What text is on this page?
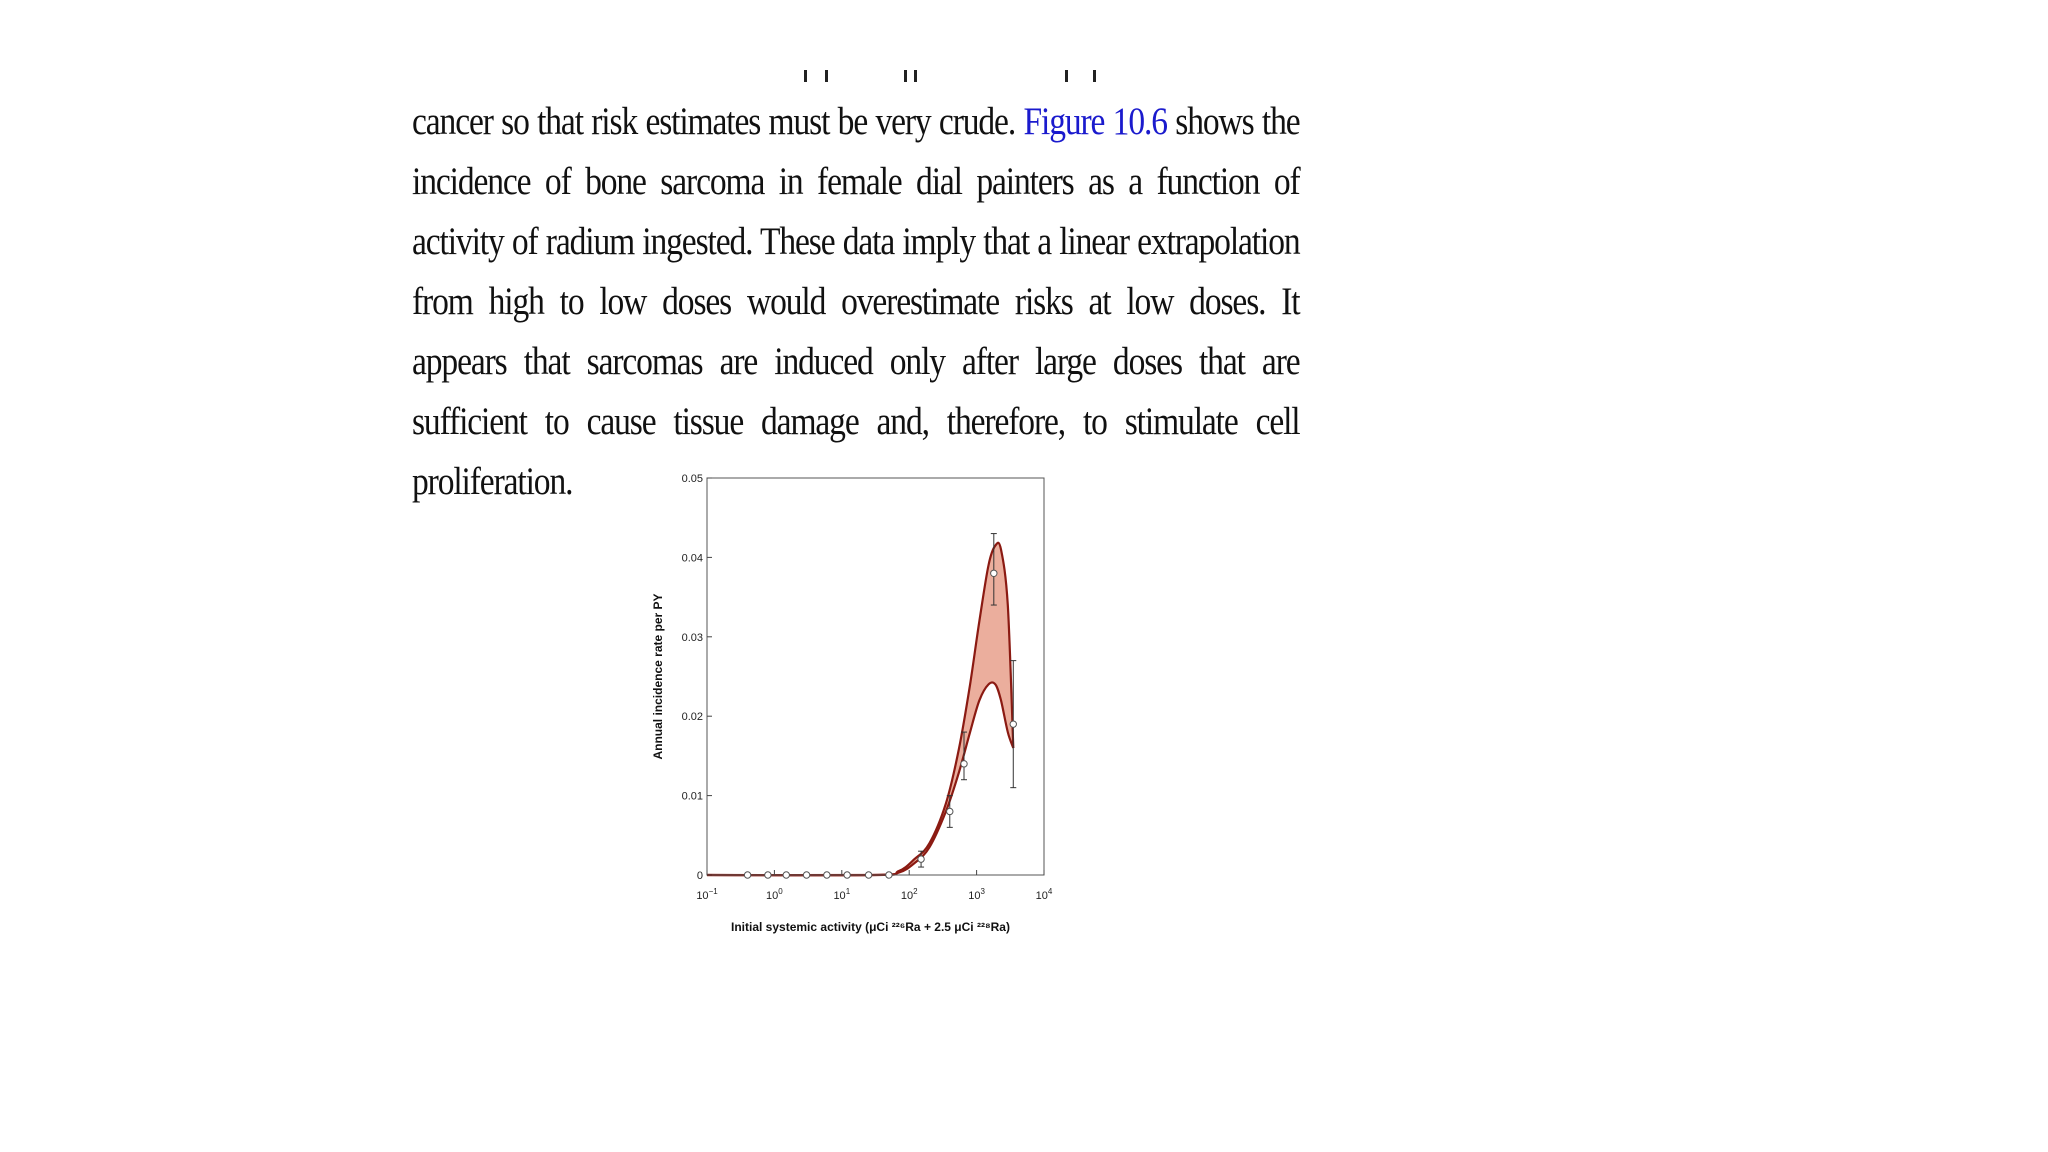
cancer so that risk estimates must be very crude. Figure 10.6 shows the incidence of bone sarcoma in female dial painters as a function of activity of radium ingested. These data imply that a linear extrapolation from high to low doses would overestimate risks at low doses. It appears that sarcomas are induced only after large doses that are sufficient to cause tissue damage and, therefore, to stimulate cell proliferation.

0
0.01
0.02
0.03
0.04
0.05
$10^{-1}$	$10^0$	$10^1$	$10^2$	$10^3$	$10^4$
Annual incidence rate per PY
Initial systemic activity (μCi ²²⁶Ra + 2.5 μCi ²²⁸Ra)
